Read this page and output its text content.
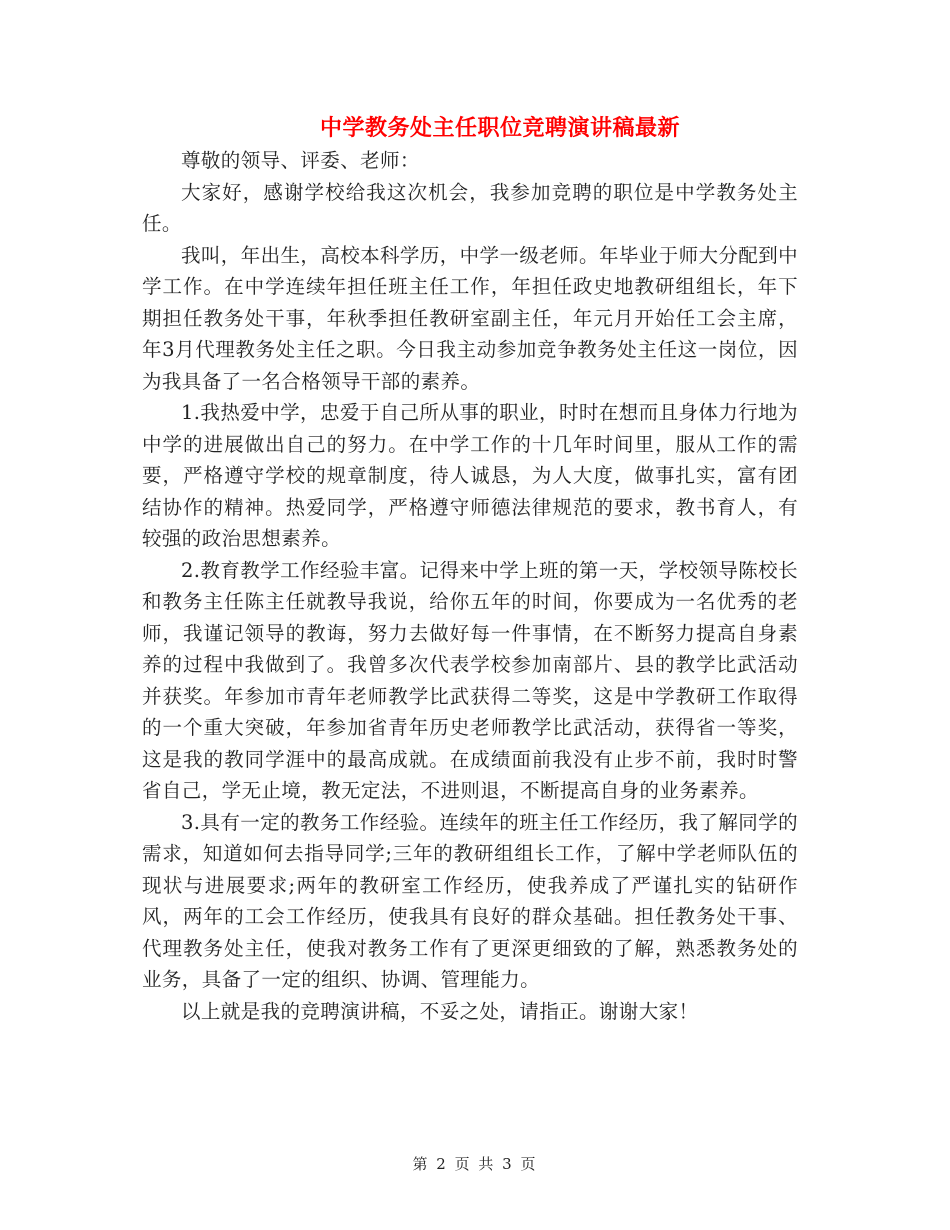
中学教务处主任职位竞聘演讲稿最新

尊敬的领导、评委、老师：

大家好，感谢学校给我这次机会，我参加竞聘的职位是中学教务处主任。

我叫，年出生，高校本科学历，中学一级老师。年毕业于师大分配到中学工作。在中学连续年担任班主任工作，年担任政史地教研组组长，年下期担任教务处干事，年秋季担任教研室副主任，年元月开始任工会主席，年3月代理教务处主任之职。今日我主动参加竞争教务处主任这一岗位，因为我具备了一名合格领导干部的素养。

1.我热爱中学，忠爱于自己所从事的职业，时时在想而且身体力行地为中学的进展做出自己的努力。在中学工作的十几年时间里，服从工作的需要，严格遵守学校的规章制度，待人诚恳，为人大度，做事扎实，富有团结协作的精神。热爱同学，严格遵守师德法律规范的要求，教书育人，有较强的政治思想素养。

2.教育教学工作经验丰富。记得来中学上班的第一天，学校领导陈校长和教务主任陈主任就教导我说，给你五年的时间，你要成为一名优秀的老师，我谨记领导的教诲，努力去做好每一件事情，在不断努力提高自身素养的过程中我做到了。我曾多次代表学校参加南部片、县的教学比武活动并获奖。年参加市青年老师教学比武获得二等奖，这是中学教研工作取得的一个重大突破，年参加省青年历史老师教学比武活动，获得省一等奖，这是我的教同学涯中的最高成就。在成绩面前我没有止步不前，我时时警省自己，学无止境，教无定法，不进则退，不断提高自身的业务素养。

3.具有一定的教务工作经验。连续年的班主任工作经历，我了解同学的需求，知道如何去指导同学;三年的教研组组长工作，了解中学老师队伍的现状与进展要求;两年的教研室工作经历，使我养成了严谨扎实的钻研作风，两年的工会工作经历，使我具有良好的群众基础。担任教务处干事、代理教务处主任，使我对教务工作有了更深更细致的了解，熟悉教务处的业务，具备了一定的组织、协调、管理能力。

以上就是我的竞聘演讲稿，不妥之处，请指正。谢谢大家！

第 2 页 共 3 页
